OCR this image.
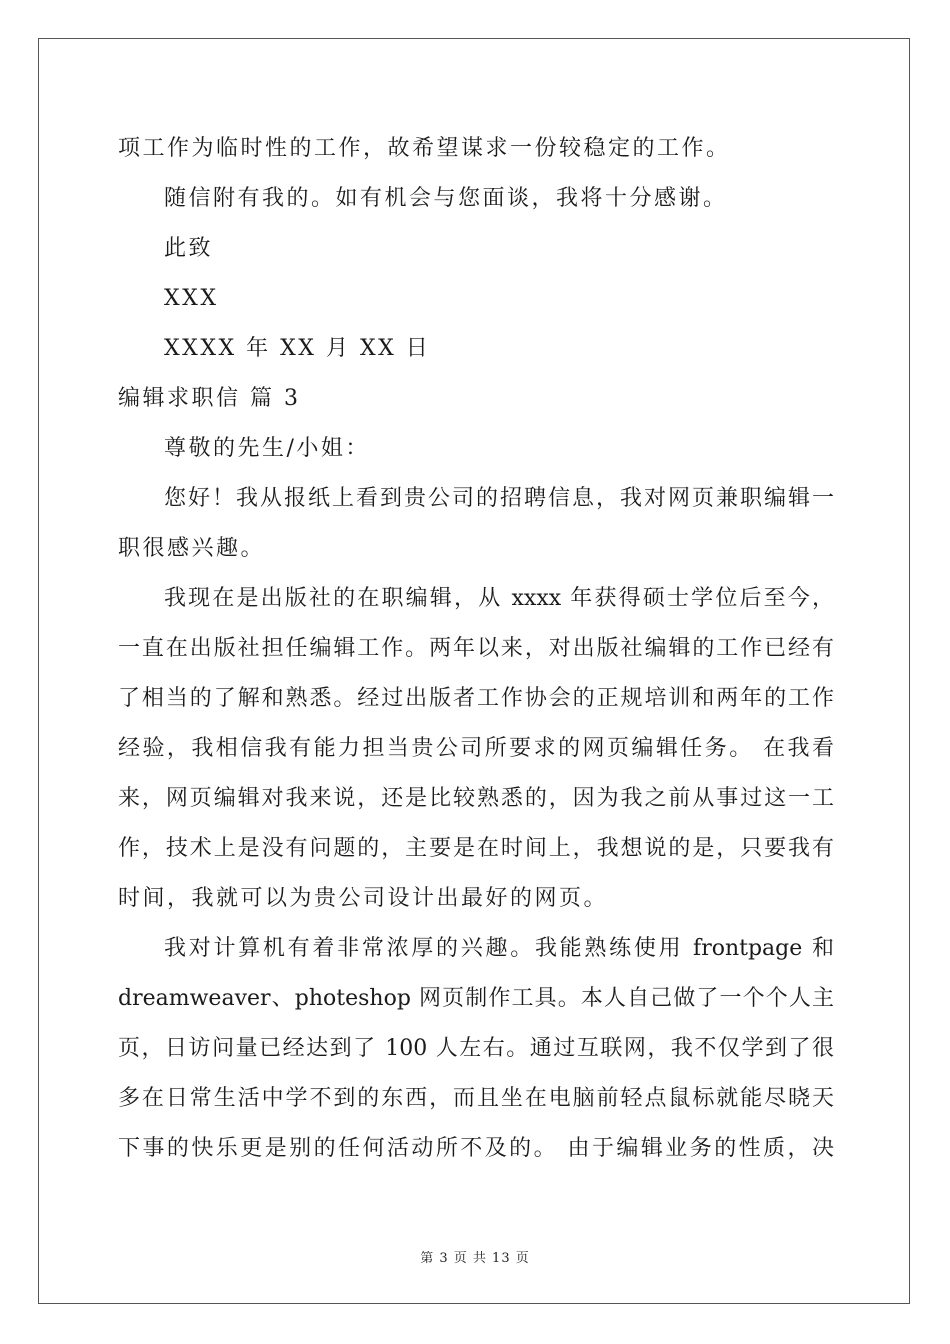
项工作为临时性的工作，故希望谋求一份较稳定的工作。
随信附有我的。如有机会与您面谈，我将十分感谢。
此致
XXX
XXXX 年 XX 月 XX 日
编辑求职信 篇 3
尊敬的先生/小姐：
您好！我从报纸上看到贵公司的招聘信息，我对网页兼职编辑一
职很感兴趣。
我现在是出版社的在职编辑，从 xxxx 年获得硕士学位后至今，
一直在出版社担任编辑工作。两年以来，对出版社编辑的工作已经有
了相当的了解和熟悉。经过出版者工作协会的正规培训和两年的工作
经验，我相信我有能力担当贵公司所要求的网页编辑任务。 在我看
来，网页编辑对我来说，还是比较熟悉的，因为我之前从事过这一工
作，技术上是没有问题的，主要是在时间上，我想说的是，只要我有
时间，我就可以为贵公司设计出最好的网页。
我对计算机有着非常浓厚的兴趣。我能熟练使用 frontpage 和
dreamweaver、photeshop 网页制作工具。本人自己做了一个个人主
页，日访问量已经达到了 100 人左右。通过互联网，我不仅学到了很
多在日常生活中学不到的东西，而且坐在电脑前轻点鼠标就能尽晓天
下事的快乐更是别的任何活动所不及的。 由于编辑业务的性质，决
第 3 页 共 13 页
